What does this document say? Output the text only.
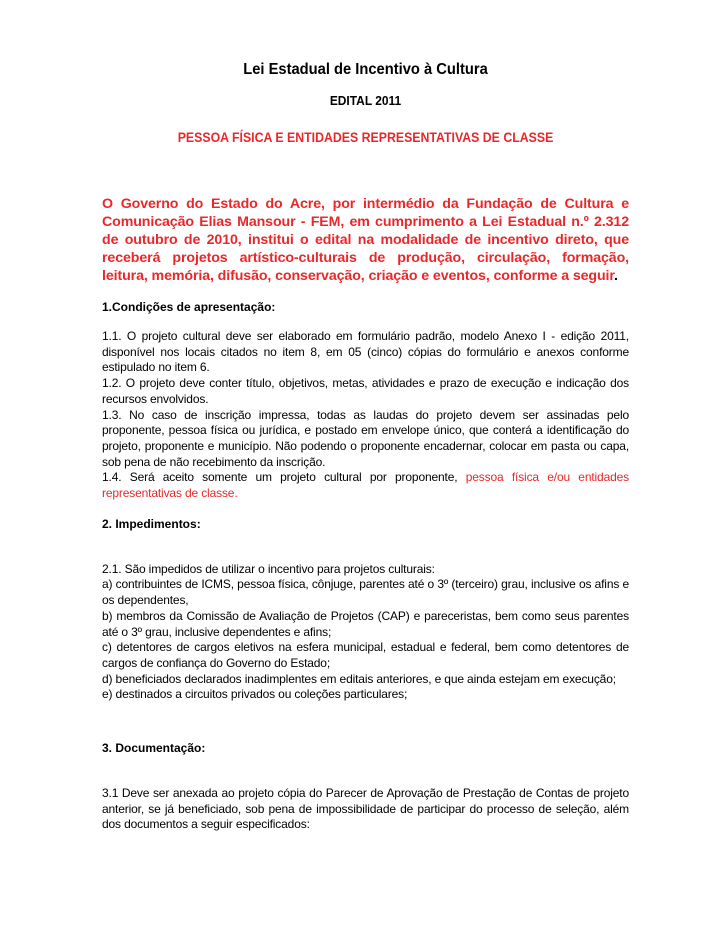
Lei Estadual de Incentivo à Cultura
EDITAL 2011
PESSOA FÍSICA E ENTIDADES REPRESENTATIVAS DE CLASSE
O Governo do Estado do Acre, por intermédio da Fundação de Cultura e Comunicação Elias Mansour - FEM, em cumprimento a Lei Estadual n.º 2.312 de outubro de 2010, institui o edital na modalidade de incentivo direto, que receberá projetos artístico-culturais de produção, circulação, formação, leitura, memória, difusão, conservação, criação e eventos, conforme a seguir.
1.Condições de apresentação:
1.1. O projeto cultural deve ser elaborado em formulário padrão, modelo Anexo I - edição 2011, disponível nos locais citados no item 8, em 05 (cinco) cópias do formulário e anexos conforme estipulado no item 6.
1.2. O projeto deve conter título, objetivos, metas, atividades e prazo de execução e indicação dos recursos envolvidos.
1.3. No caso de inscrição impressa, todas as laudas do projeto devem ser assinadas pelo proponente, pessoa física ou jurídica, e postado em envelope único, que conterá a identificação do projeto, proponente e município. Não podendo o proponente encadernar, colocar em pasta ou capa, sob pena de não recebimento da inscrição.
1.4. Será aceito somente um projeto cultural por proponente, pessoa física e/ou entidades representativas de classe.
2. Impedimentos:
2.1. São impedidos de utilizar o incentivo para projetos culturais:
a) contribuintes de ICMS, pessoa física, cônjuge, parentes até o 3º (terceiro) grau, inclusive os afins e os dependentes,
b) membros da Comissão de Avaliação de Projetos (CAP) e pareceristas, bem como seus parentes até o 3º grau, inclusive dependentes e afins;
c) detentores de cargos eletivos na esfera municipal, estadual e federal, bem como detentores de cargos de confiança do Governo do Estado;
d) beneficiados declarados inadimplentes em editais anteriores, e que ainda estejam em execução;
e) destinados a circuitos privados ou coleções particulares;
3. Documentação:
3.1 Deve ser anexada ao projeto cópia do Parecer de Aprovação de Prestação de Contas de projeto anterior, se já beneficiado, sob pena de impossibilidade de participar do processo de seleção, além dos documentos a seguir especificados:
